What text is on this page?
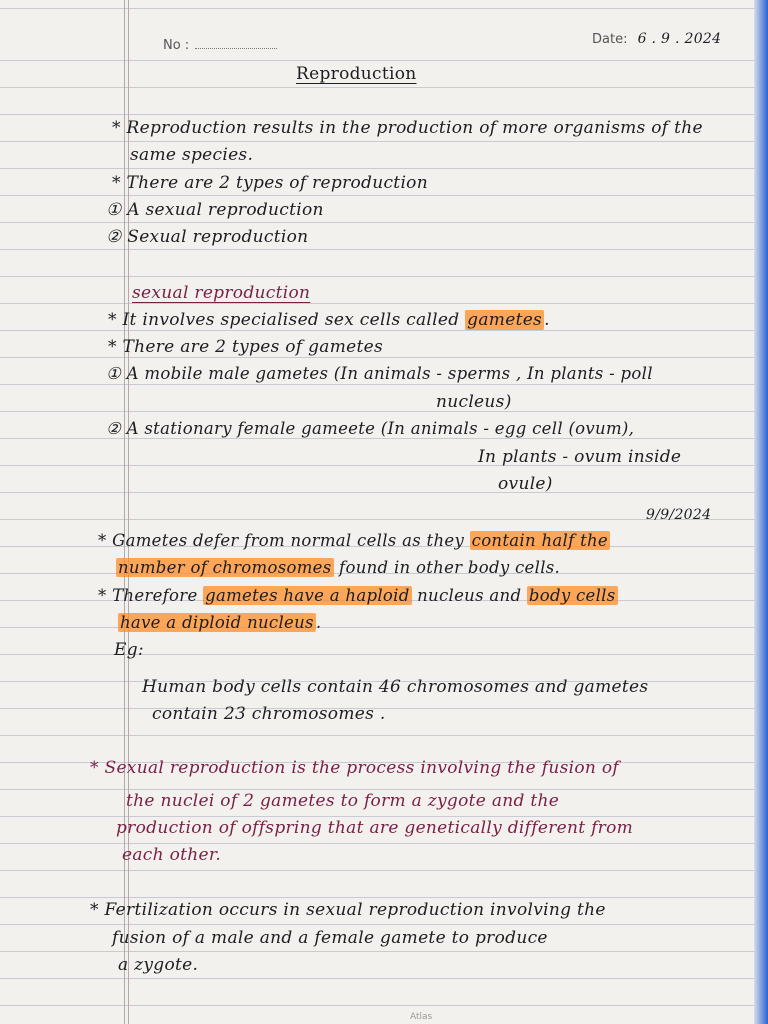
No :	Date: 6 . 9 . 2024
Reproduction
* Reproduction results in the production of more organisms of the
same species.
* There are 2 types of reproduction
① A sexual reproduction
② Sexual reproduction
sexual reproduction
* It involves specialised sex cells called gametes .
* There are 2 types of gametes
① A mobile male gametes (In animals - sperms , In plants - poll
nucleus)
② A stationary female gameete (In animals - egg cell (ovum),
In plants - ovum inside
ovule)
9/9/2024
* Gametes defer from normal cells as they contain half the
number of chromosomes found in other body cells.
* Therefore gametes have a haploid nucleus and body cells
have a diploid nucleus .
Eg:
Human body cells contain 46 chromosomes and gametes
contain 23 chromosomes .
* Sexual reproduction is the process involving the fusion of
the nuclei of 2 gametes to form a zygote and the
production of offspring that are genetically different from
each other.
* Fertilization occurs in sexual reproduction involving the
fusion of a male and a female gamete to produce
a zygote.
Atlas
